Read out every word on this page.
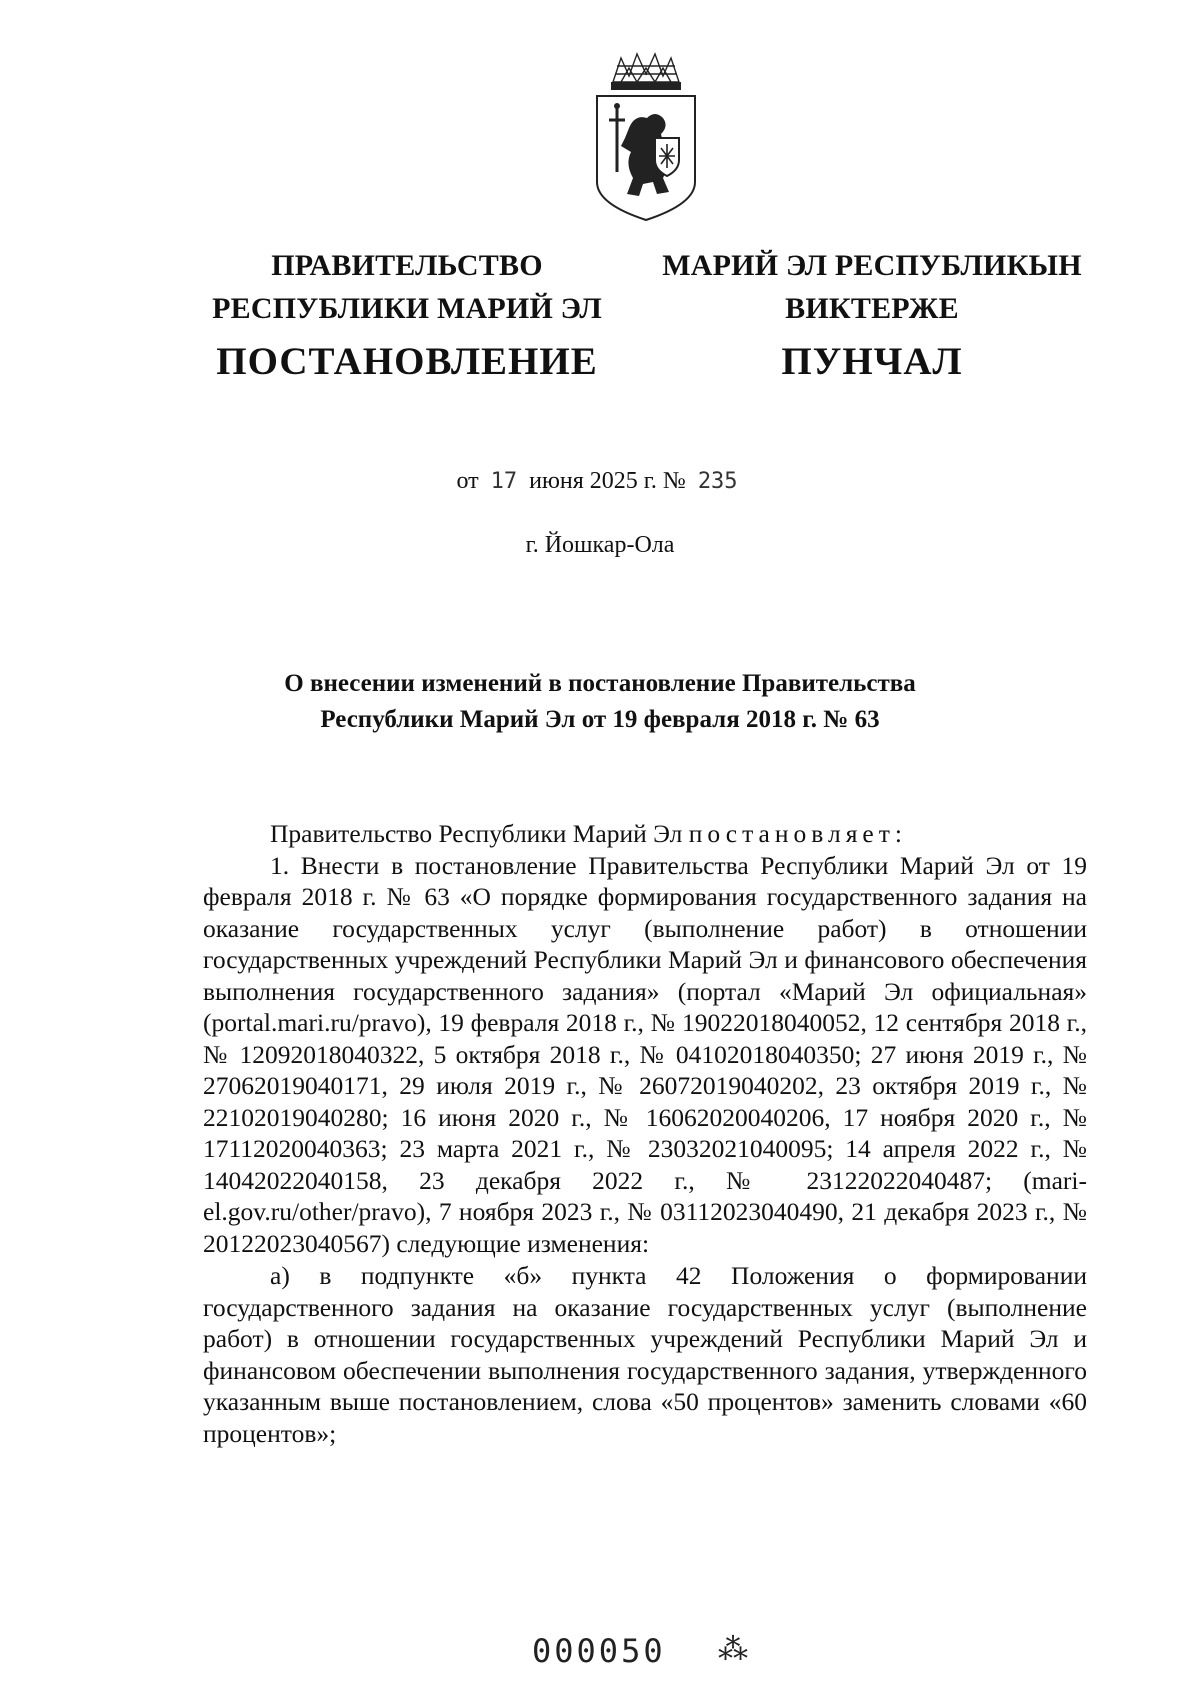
ПРАВИТЕЛЬСТВО
РЕСПУБЛИКИ МАРИЙ ЭЛ
ПОСТАНОВЛЕНИЕ
МАРИЙ ЭЛ РЕСПУБЛИКЫН
ВИКТЕРЖЕ
ПУНЧАЛ
от 17 июня 2025 г. № 235
г. Йошкар-Ола
О внесении изменений в постановление Правительства
Республики Марий Эл от 19 февраля 2018 г. № 63

Правительство Республики Марий Эл постановляет:

1. Внести в постановление Правительства Республики Марий Эл от 19 февраля 2018 г. № 63 «О порядке формирования государственного задания на оказание государственных услуг (выполнение работ) в отношении государственных учреждений Республики Марий Эл и финансового обеспечения выполнения государственного задания» (портал «Марий Эл официальная» (portal.mari.ru/pravo), 19 февраля 2018 г., № 19022018040052, 12 сентября 2018 г., № 12092018040322, 5 октября 2018 г., № 04102018040350; 27 июня 2019 г., № 27062019040171, 29 июля 2019 г., № 26072019040202, 23 октября 2019 г., № 22102019040280; 16 июня 2020 г., № 16062020040206, 17 ноября 2020 г., № 17112020040363; 23 марта 2021 г., № 23032021040095; 14 апреля 2022 г., № 14042022040158, 23 декабря 2022 г., № 23122022040487; (mari-el.gov.ru/other/pravo), 7 ноября 2023 г., № 03112023040490, 21 декабря 2023 г., № 20122023040567) следующие изменения:

а) в подпункте «б» пункта 42 Положения о формировании государственного задания на оказание государственных услуг (выполнение работ) в отношении государственных учреждений Республики Марий Эл и финансовом обеспечении выполнения государственного задания, утвержденного указанным выше постановлением, слова «50 процентов» заменить словами «60 процентов»;

000050 ⁂
